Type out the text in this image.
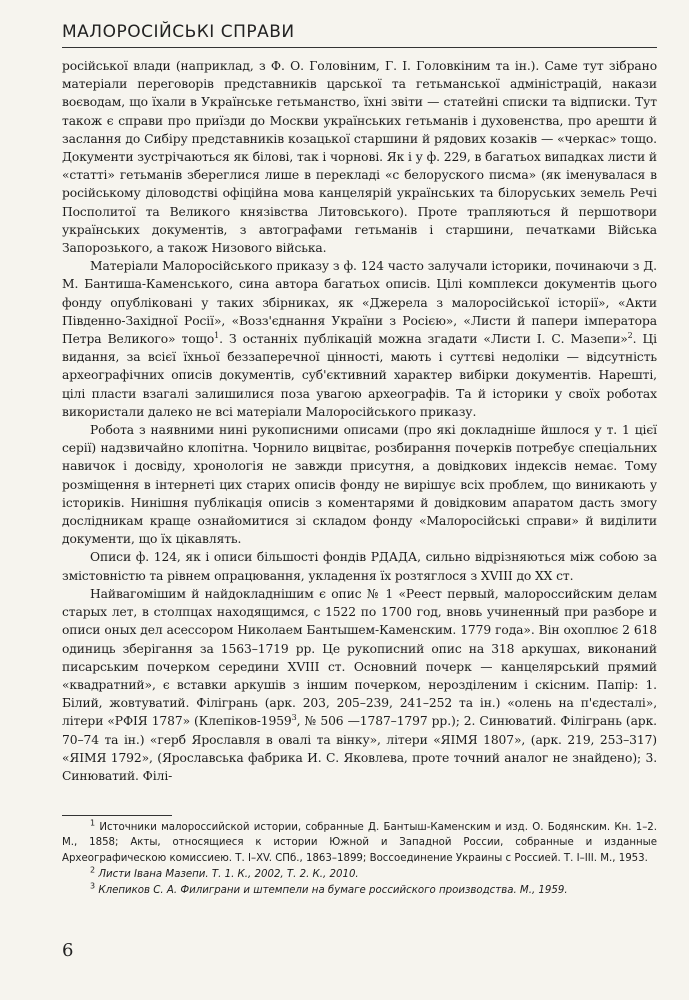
МАЛОРОСІЙСЬКІ СПРАВИ

російської влади (наприклад, з Ф. О. Головіним, Г. І. Головкіним та ін.). Саме тут зібрано матеріали переговорів представників царської та гетьманської адміністрацій, накази воєводам, що їхали в Українське гетьманство, їхні звіти — статейні списки та відписки. Тут також є справи про приїзди до Москви українських гетьманів і духовенства, про арешти й заслання до Сибіру представників козацької старшини й рядових козаків — «черкас» тощо. Документи зустрічаються як білові, так і чорнові. Як і у ф. 229, в багатьох випадках листи й «статті» гетьманів збереглися лише в перекладі «с белорускoго писма» (як іменувалася в російському діловодстві офіційна мова канцелярій українських та білоруських земель Речі Посполитої та Великого князівства Литовського). Проте трапляються й першотвори українських документів, з автографами гетьманів і старшини, печатками Війська Запорозького, а також Низового війська.

Матеріали Малоросійського приказу з ф. 124 часто залучали історики, починаючи з Д. М. Бантиша-Каменського, сина автора багатьох описів. Цілі комплекси документів цього фонду опубліковані у таких збірниках, як «Джерела з малоросійської історії», «Акти Південно-Західної Росії», «Возз'єднання України з Росією», «Листи й папери імператора Петра Великого» тощо$^1$. З останніх публікацій можна згадати «Листи І. С. Мазепи»$^2$. Ці видання, за всієї їхньої беззаперечної цінності, мають і суттєві недоліки — відсутність археографічних описів документів, суб'єктивний характер вибірки документів. Нарешті, цілі пласти взагалі залишилися поза увагою археографів. Та й історики у своїх роботах використали далеко не всі матеріали Малоросійського приказу.

Робота з наявними нині рукописними описами (про які докладніше йшлося у т. 1 цієї серії) надзвичайно клопітна. Чорнило вицвітає, розбирання почерків потребує спеціальних навичок і досвіду, хронологія не завжди присутня, а довідкових індексів немає. Тому розміщення в інтернеті цих старих описів фонду не вирішує всіх проблем, що виникають у істориків. Нинішня публікація описів з коментарями й довідковим апаратом дасть змогу дослідникам краще ознайомитися зі складом фонду «Малоросійські справи» й виділити документи, що їх цікавлять.

Описи ф. 124, як і описи більшості фондів РДАДА, сильно відрізняються між собою за змістовністю та рівнем опрацювання, укладення їх розтяглося з XVIII до XX ст.

Найвагомішим й найдокладнішим є опис № 1 «Реест первый, малороссийским делам старых лет, в столпцах находящимся, с 1522 по 1700 год, вновь учиненный при разборе и описи оных дел асессором Николаем Бантышем-Каменским. 1779 года». Він охоплює 2 618 одиниць зберігання за 1563–1719 рр. Це рукописний опис на 318 аркушах, виконаний писарським почерком середини XVIII ст. Основний почерк — канцелярський прямий «квадратний», є вставки аркушів з іншим почерком, нерозділеним і скісним. Папір: 1. Білий, жовтуватий. Філігрань (арк. 203, 205–239, 241–252 та ін.) «олень на п'єдесталі», літери «РФІЯ 1787» (Клепіков-1959$^3$, № 506 —1787–1797 рр.); 2. Синюватий. Філігрань (арк. 70–74 та ін.) «герб Ярославля в овалі та вінку», літери «ЯІМЯ 1807», (арк. 219, 253–317) «ЯІМЯ 1792», (Ярославська фабрика И. С. Яковлева, проте точний аналог не знайдено); 3. Синюватий. Філі-

$^1$ Источники малороссийской истории, собранные Д. Бантыш-Каменским и изд. О. Бодянским. Кн. 1–2. М., 1858; Акты, относящиеся к истории Южной и Западной России, собранные и изданные Археографическою комиссиею. Т. I–XV. СПб., 1863–1899; Воссоединение Украины с Россией. Т. I–III. М., 1953.

$^2$ Листи Івана Мазепи. Т. 1. К., 2002, Т. 2. К., 2010.

$^3$ Клепиков С. А. Филиграни и штемпели на бумаге российского производства. М., 1959.

6
